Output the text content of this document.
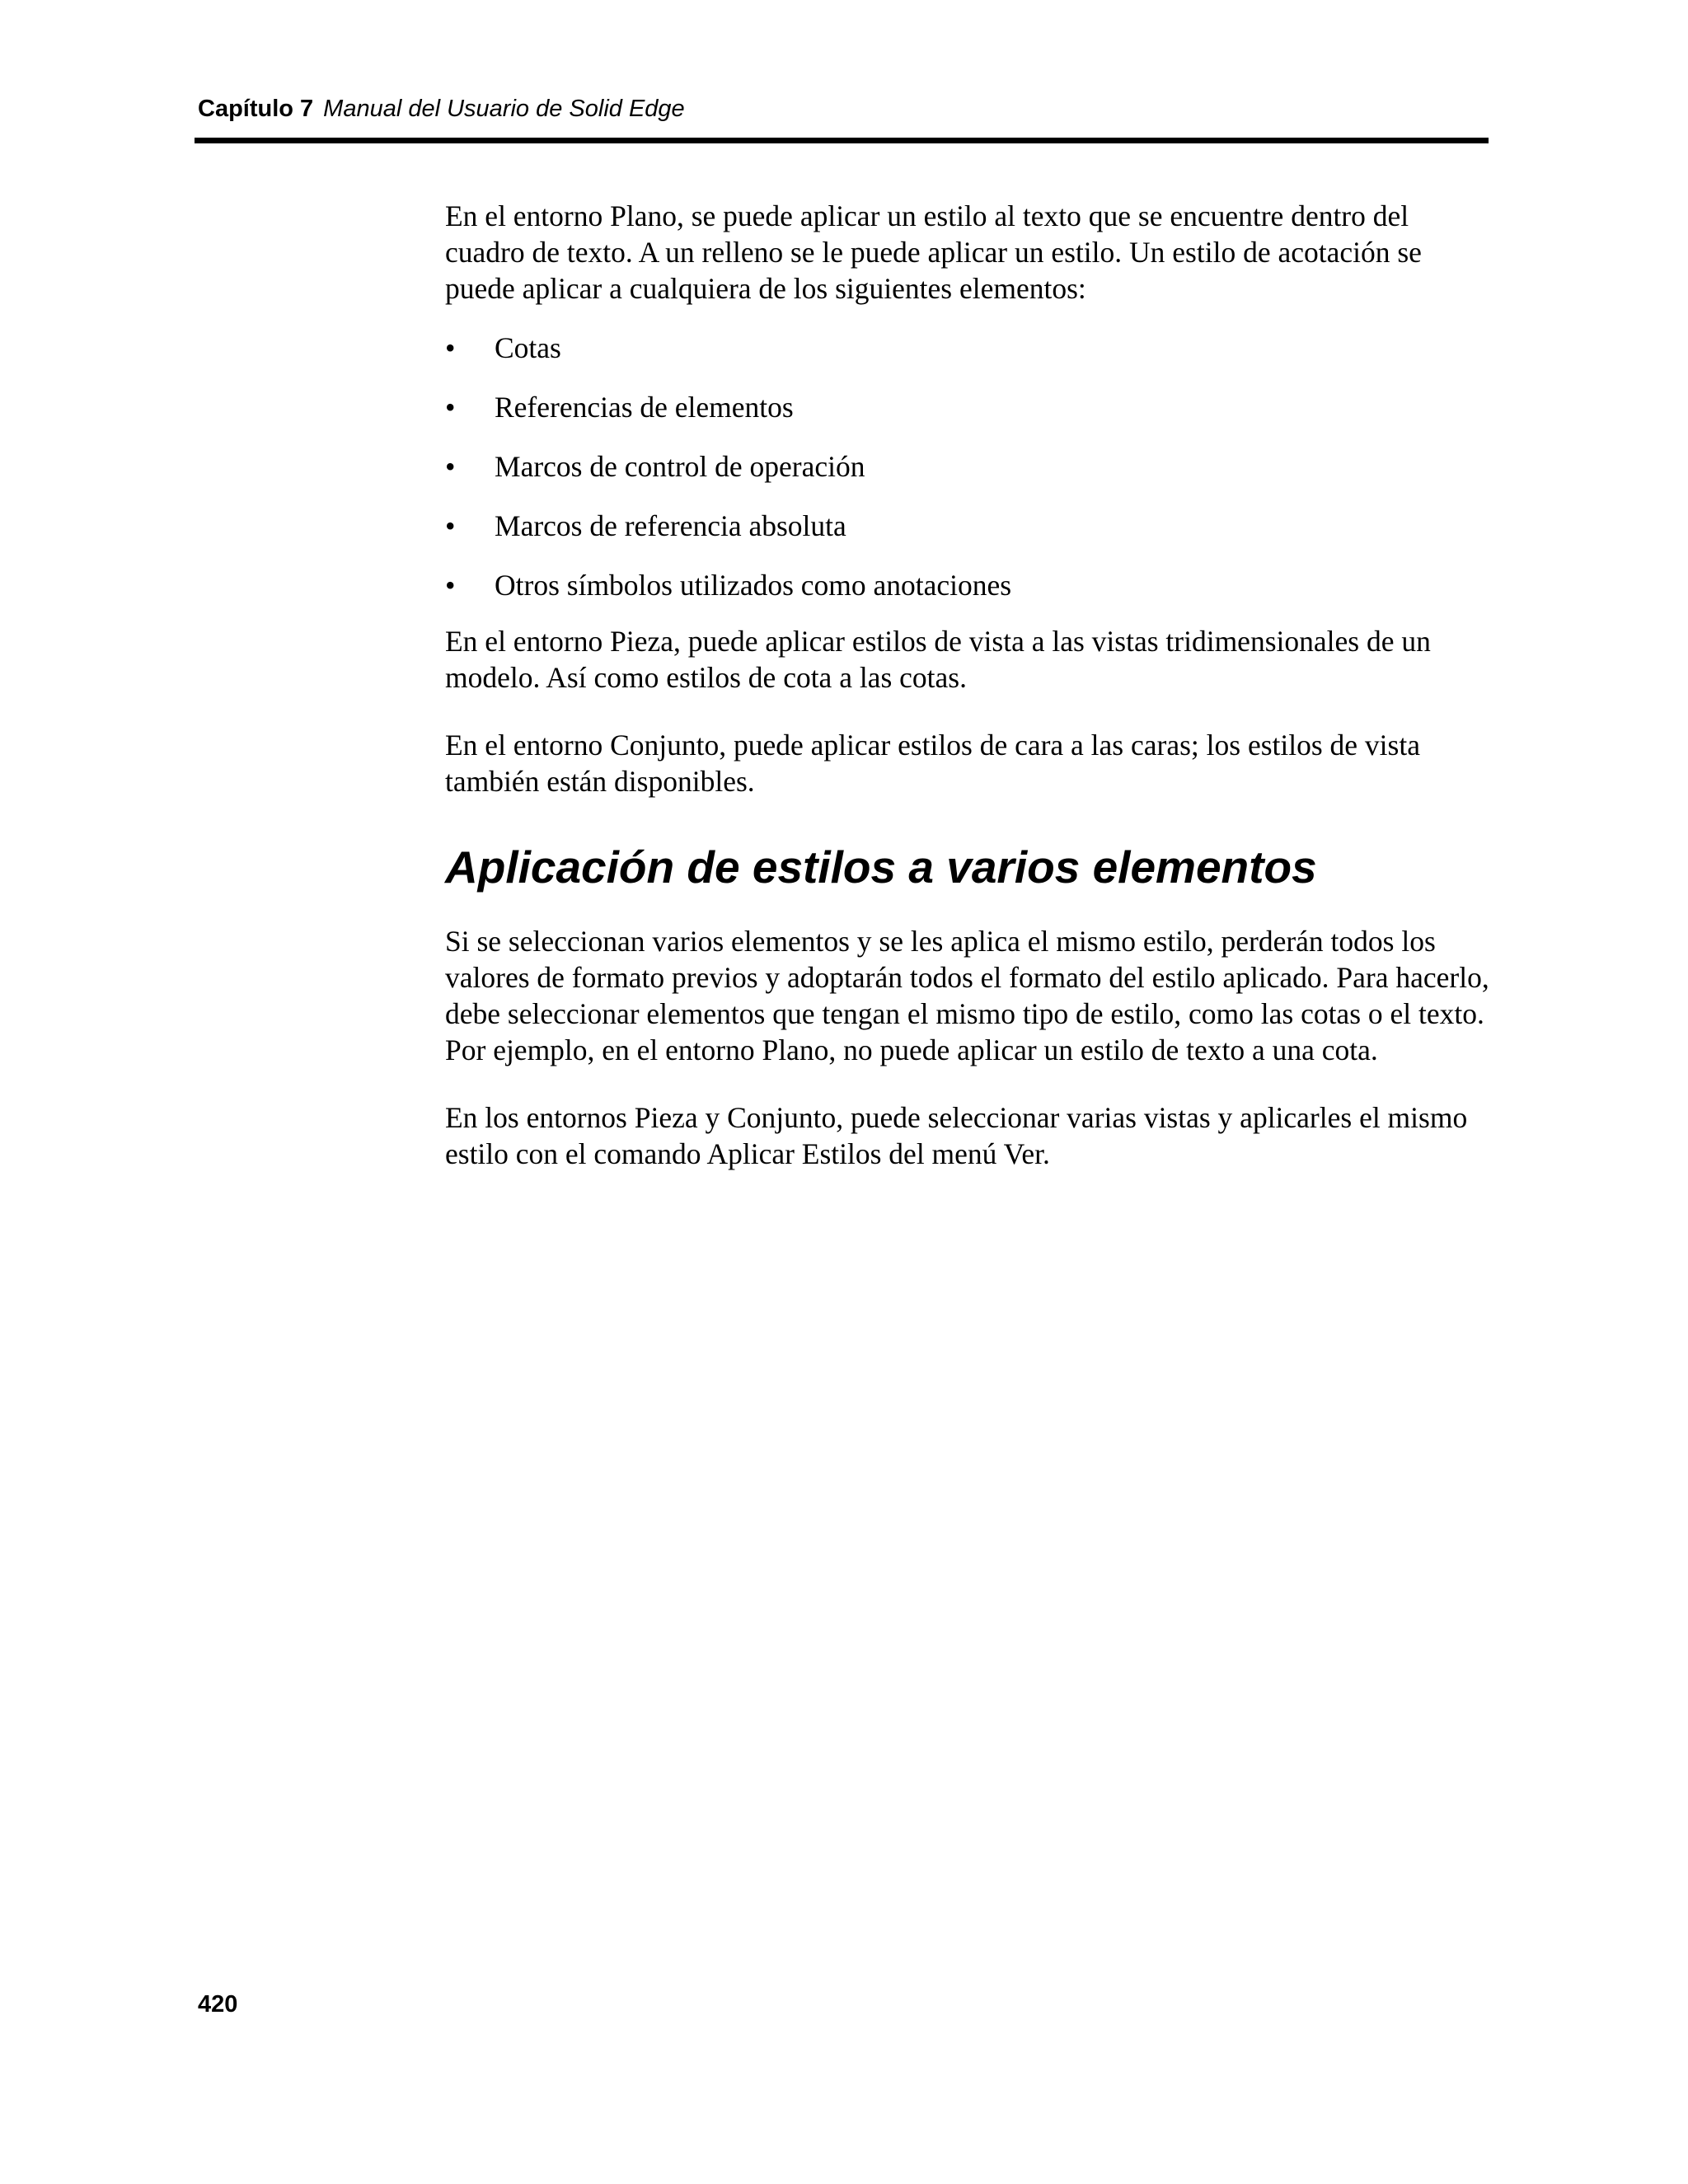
Capítulo 7 Manual del Usuario de Solid Edge

En el entorno Plano, se puede aplicar un estilo al texto que se encuentre dentro del cuadro de texto. A un relleno se le puede aplicar un estilo. Un estilo de acotación se puede aplicar a cualquiera de los siguientes elementos:

• Cotas
• Referencias de elementos
• Marcos de control de operación
• Marcos de referencia absoluta
• Otros símbolos utilizados como anotaciones

En el entorno Pieza, puede aplicar estilos de vista a las vistas tridimensionales de un modelo. Así como estilos de cota a las cotas.

En el entorno Conjunto, puede aplicar estilos de cara a las caras; los estilos de vista también están disponibles.

Aplicación de estilos a varios elementos

Si se seleccionan varios elementos y se les aplica el mismo estilo, perderán todos los valores de formato previos y adoptarán todos el formato del estilo aplicado. Para hacerlo, debe seleccionar elementos que tengan el mismo tipo de estilo, como las cotas o el texto. Por ejemplo, en el entorno Plano, no puede aplicar un estilo de texto a una cota.

En los entornos Pieza y Conjunto, puede seleccionar varias vistas y aplicarles el mismo estilo con el comando Aplicar Estilos del menú Ver.

420
